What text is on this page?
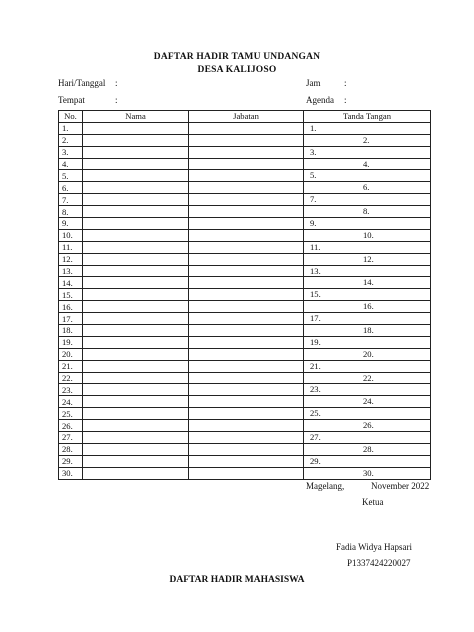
DAFTAR HADIR TAMU UNDANGAN
DESA KALIJOSO
Hari/Tanggal :	Jam	:
Tempat	:	Agenda :
No.	Nama	Jabatan	Tanda Tangan
1.			1.

2.			2.

3.			3.

4.			4.

5.			5.

6.			6.

7.			7.

8.			8.

9.			9.

10.			10.

11.			11.

12.			12.

13.			13.

14.			14.

15.			15.

16.			16.

17.			17.

18.			18.

19.			19.

20.			20.

21.			21.

22.			22.

23.			23.

24.			24.

25.			25.

26.			26.

27.			27.

28.			28.

29.			29.

30.			30.
Magelang,	November 2022
Ketua
Fadia Widya Hapsari
P1337424220027
DAFTAR HADIR MAHASISWA
